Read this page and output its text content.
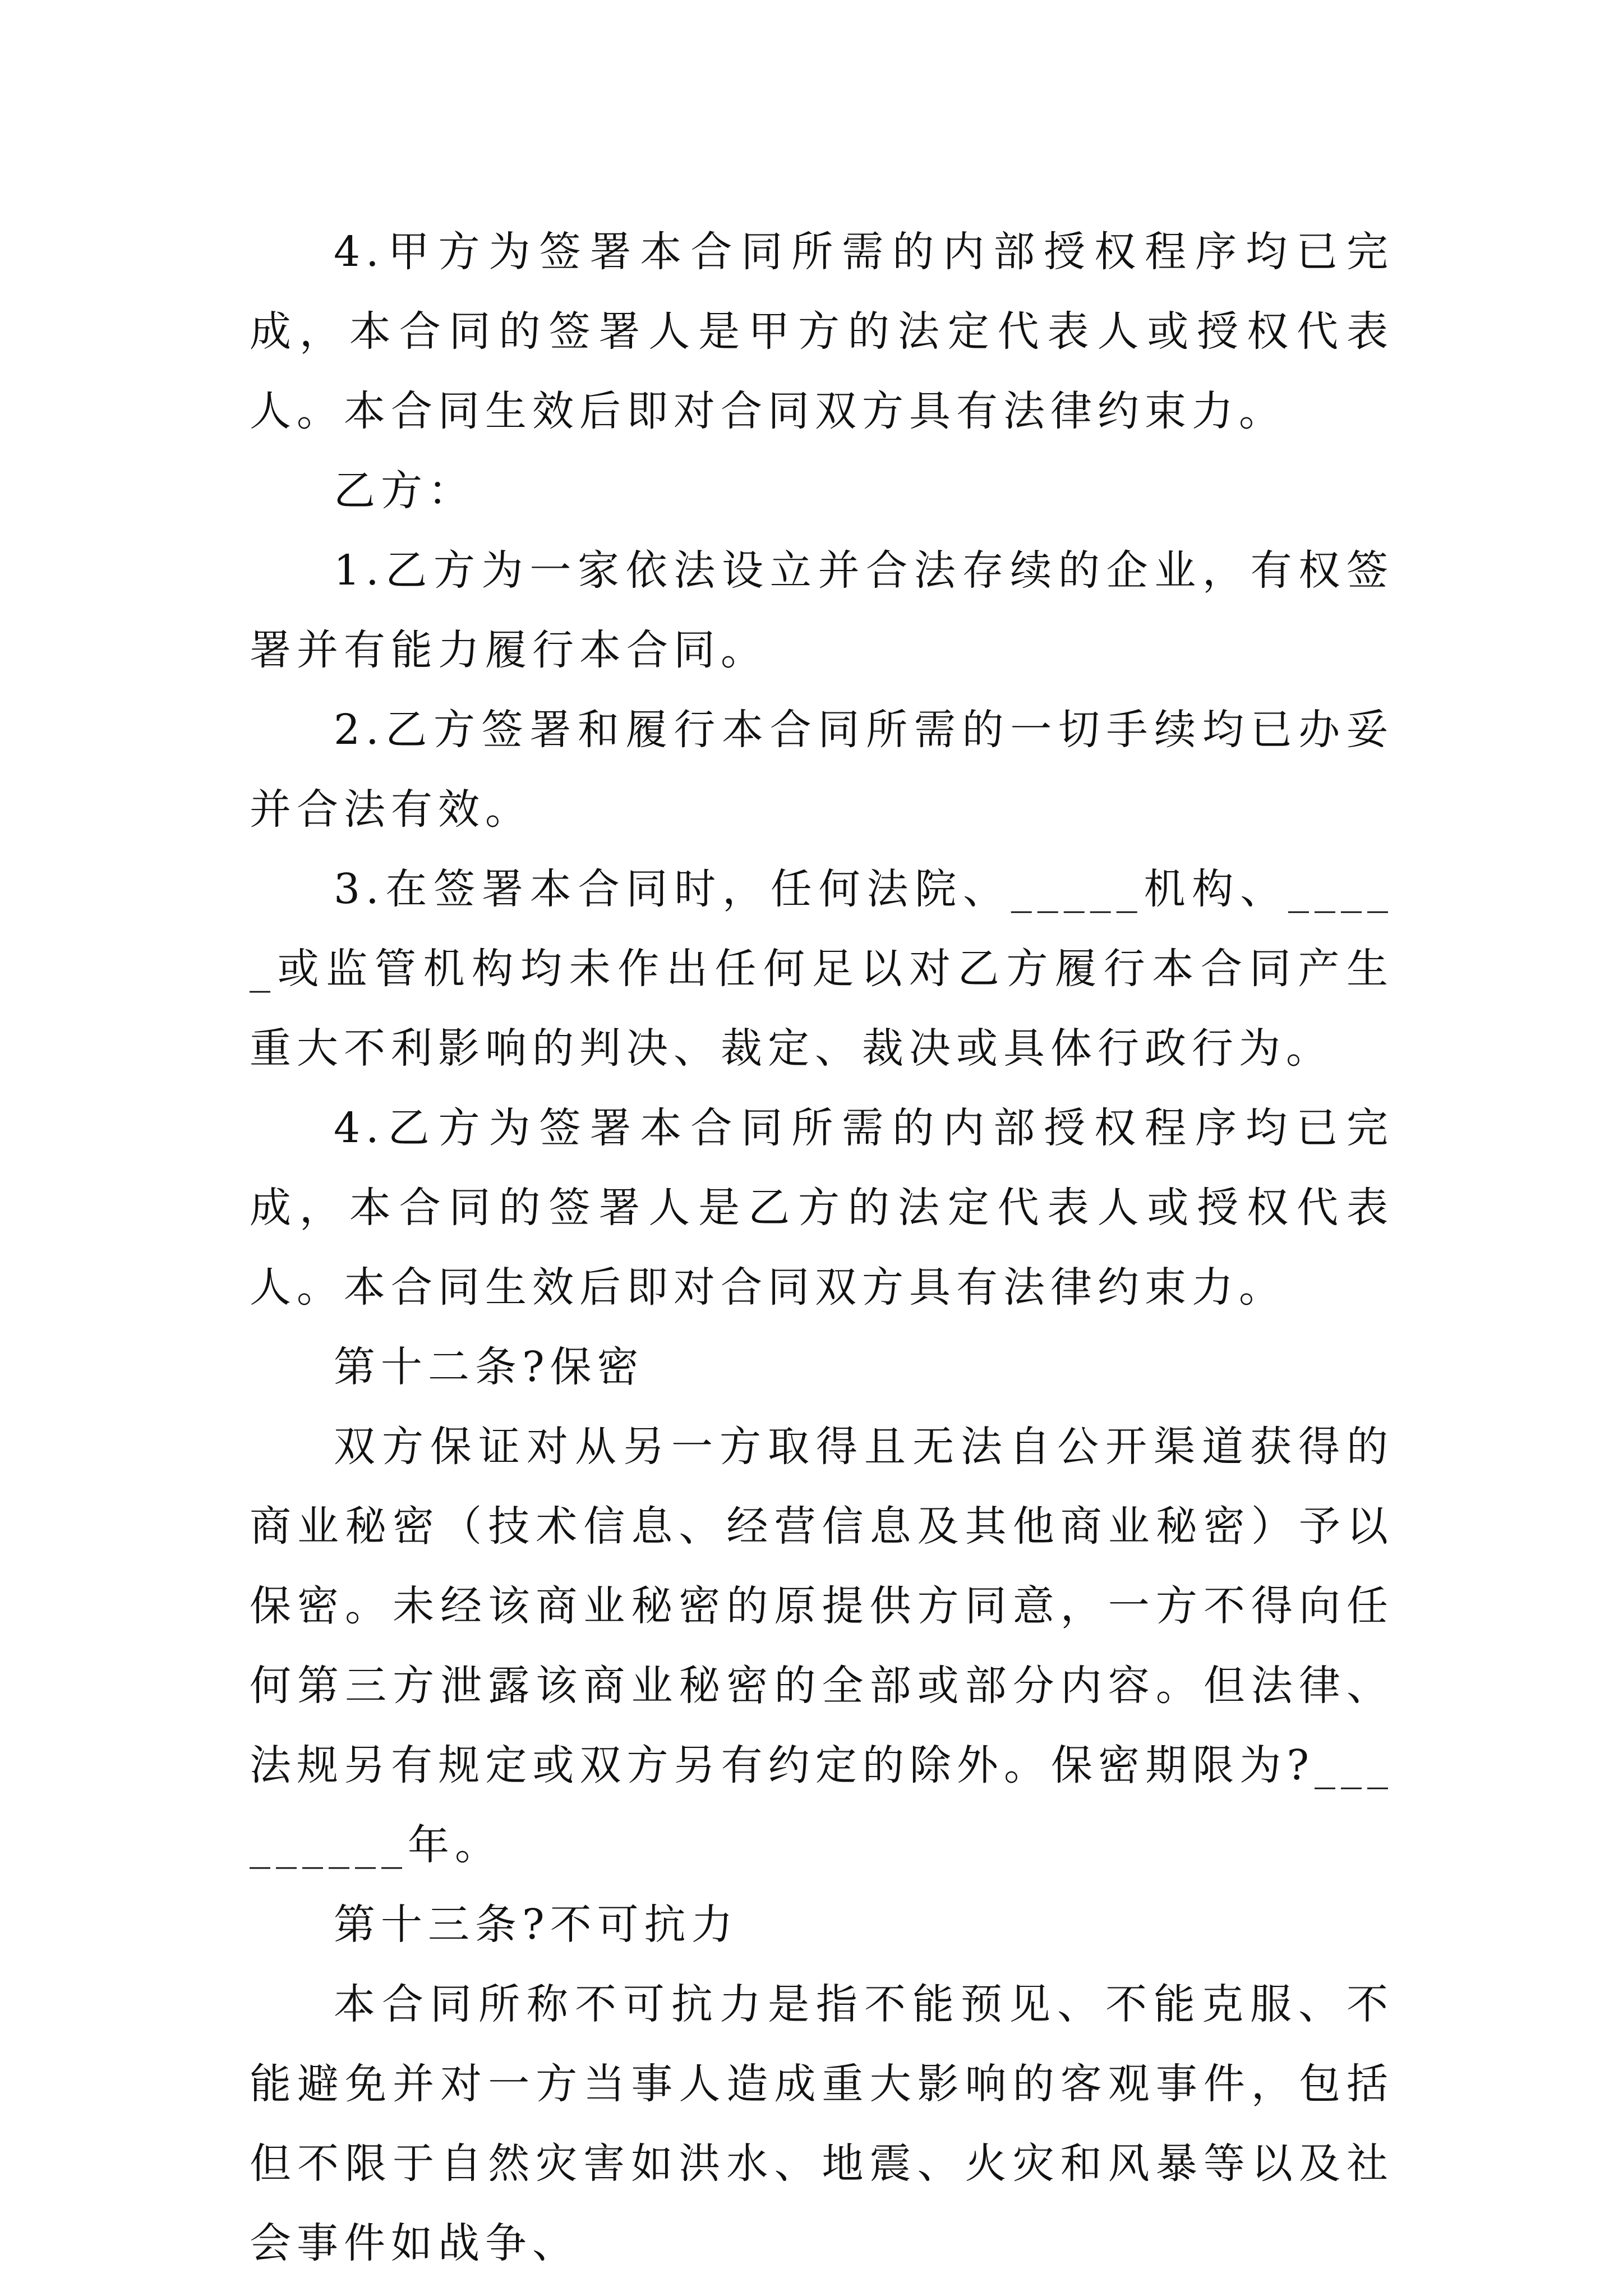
4.甲方为签署本合同所需的内部授权程序均已完成，本合同的签署人是甲方的法定代表人或授权代表人。本合同生效后即对合同双方具有法律约束力。

乙方：

1.乙方为一家依法设立并合法存续的企业，有权签署并有能力履行本合同。

2.乙方签署和履行本合同所需的一切手续均已办妥并合法有效。

3.在签署本合同时，任何法院、_____机构、_____或监管机构均未作出任何足以对乙方履行本合同产生重大不利影响的判决、裁定、裁决或具体行政行为。

4.乙方为签署本合同所需的内部授权程序均已完成，本合同的签署人是乙方的法定代表人或授权代表人。本合同生效后即对合同双方具有法律约束力。

第十二条?保密

双方保证对从另一方取得且无法自公开渠道获得的商业秘密（技术信息、经营信息及其他商业秘密）予以保密。未经该商业秘密的原提供方同意，一方不得向任何第三方泄露该商业秘密的全部或部分内容。但法律、法规另有规定或双方另有约定的除外。保密期限为?_________年。

第十三条?不可抗力

本合同所称不可抗力是指不能预见、不能克服、不能避免并对一方当事人造成重大影响的客观事件，包括但不限于自然灾害如洪水、地震、火灾和风暴等以及社会事件如战争、
